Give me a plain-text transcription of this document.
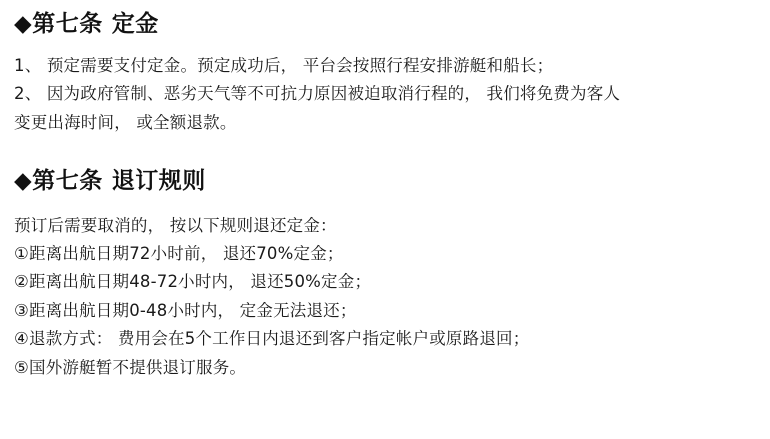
◆第七条 定金

1、 预定需要支付定金。预定成功后， 平台会按照行程安排游艇和船长；

2、 因为政府管制、恶劣天气等不可抗力原因被迫取消行程的， 我们将免费为客人

变更出海时间， 或全额退款。

◆第七条 退订规则

预订后需要取消的， 按以下规则退还定金：

①距离出航日期72小时前， 退还70%定金；

②距离出航日期48-72小时内， 退还50%定金；

③距离出航日期0-48小时内， 定金无法退还；

④退款方式： 费用会在5个工作日内退还到客户指定帐户或原路退回；

⑤国外游艇暂不提供退订服务。
